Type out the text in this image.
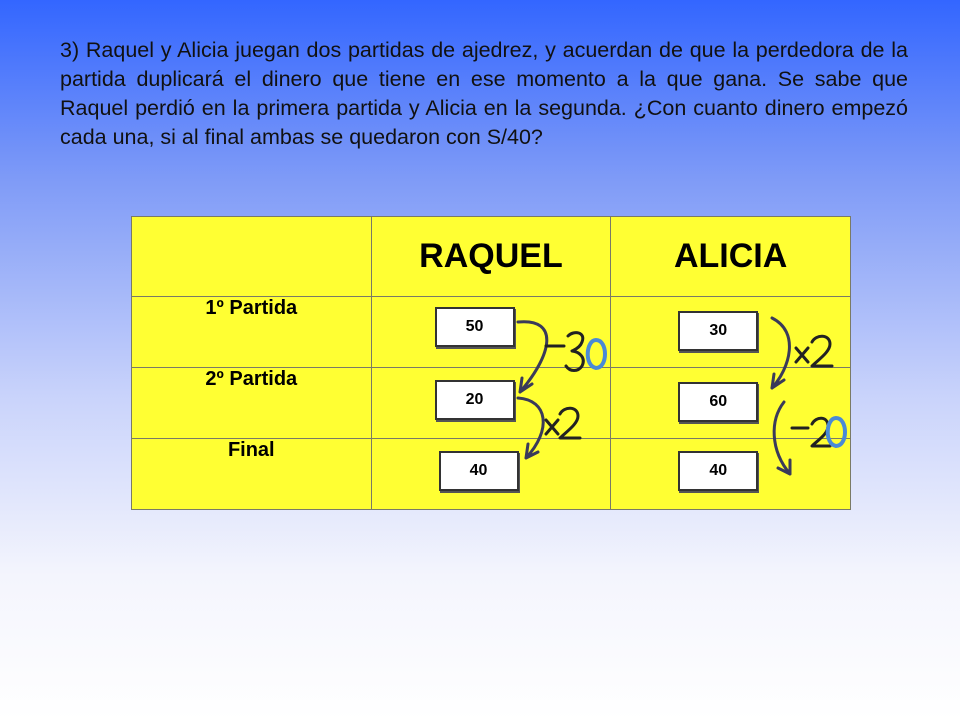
3) Raquel y Alicia juegan dos partidas de ajedrez, y acuerdan de que la perdedora de la partida duplicará el dinero que tiene en ese momento a la que gana. Se sabe que Raquel perdió en la primera partida y Alicia en la segunda. ¿Con cuanto dinero empezó cada una, si al final ambas se quedaron con S/40?

	RAQUEL	ALICIA
1º Partida	50	30

2º Partida	20	60

Final	40	40
